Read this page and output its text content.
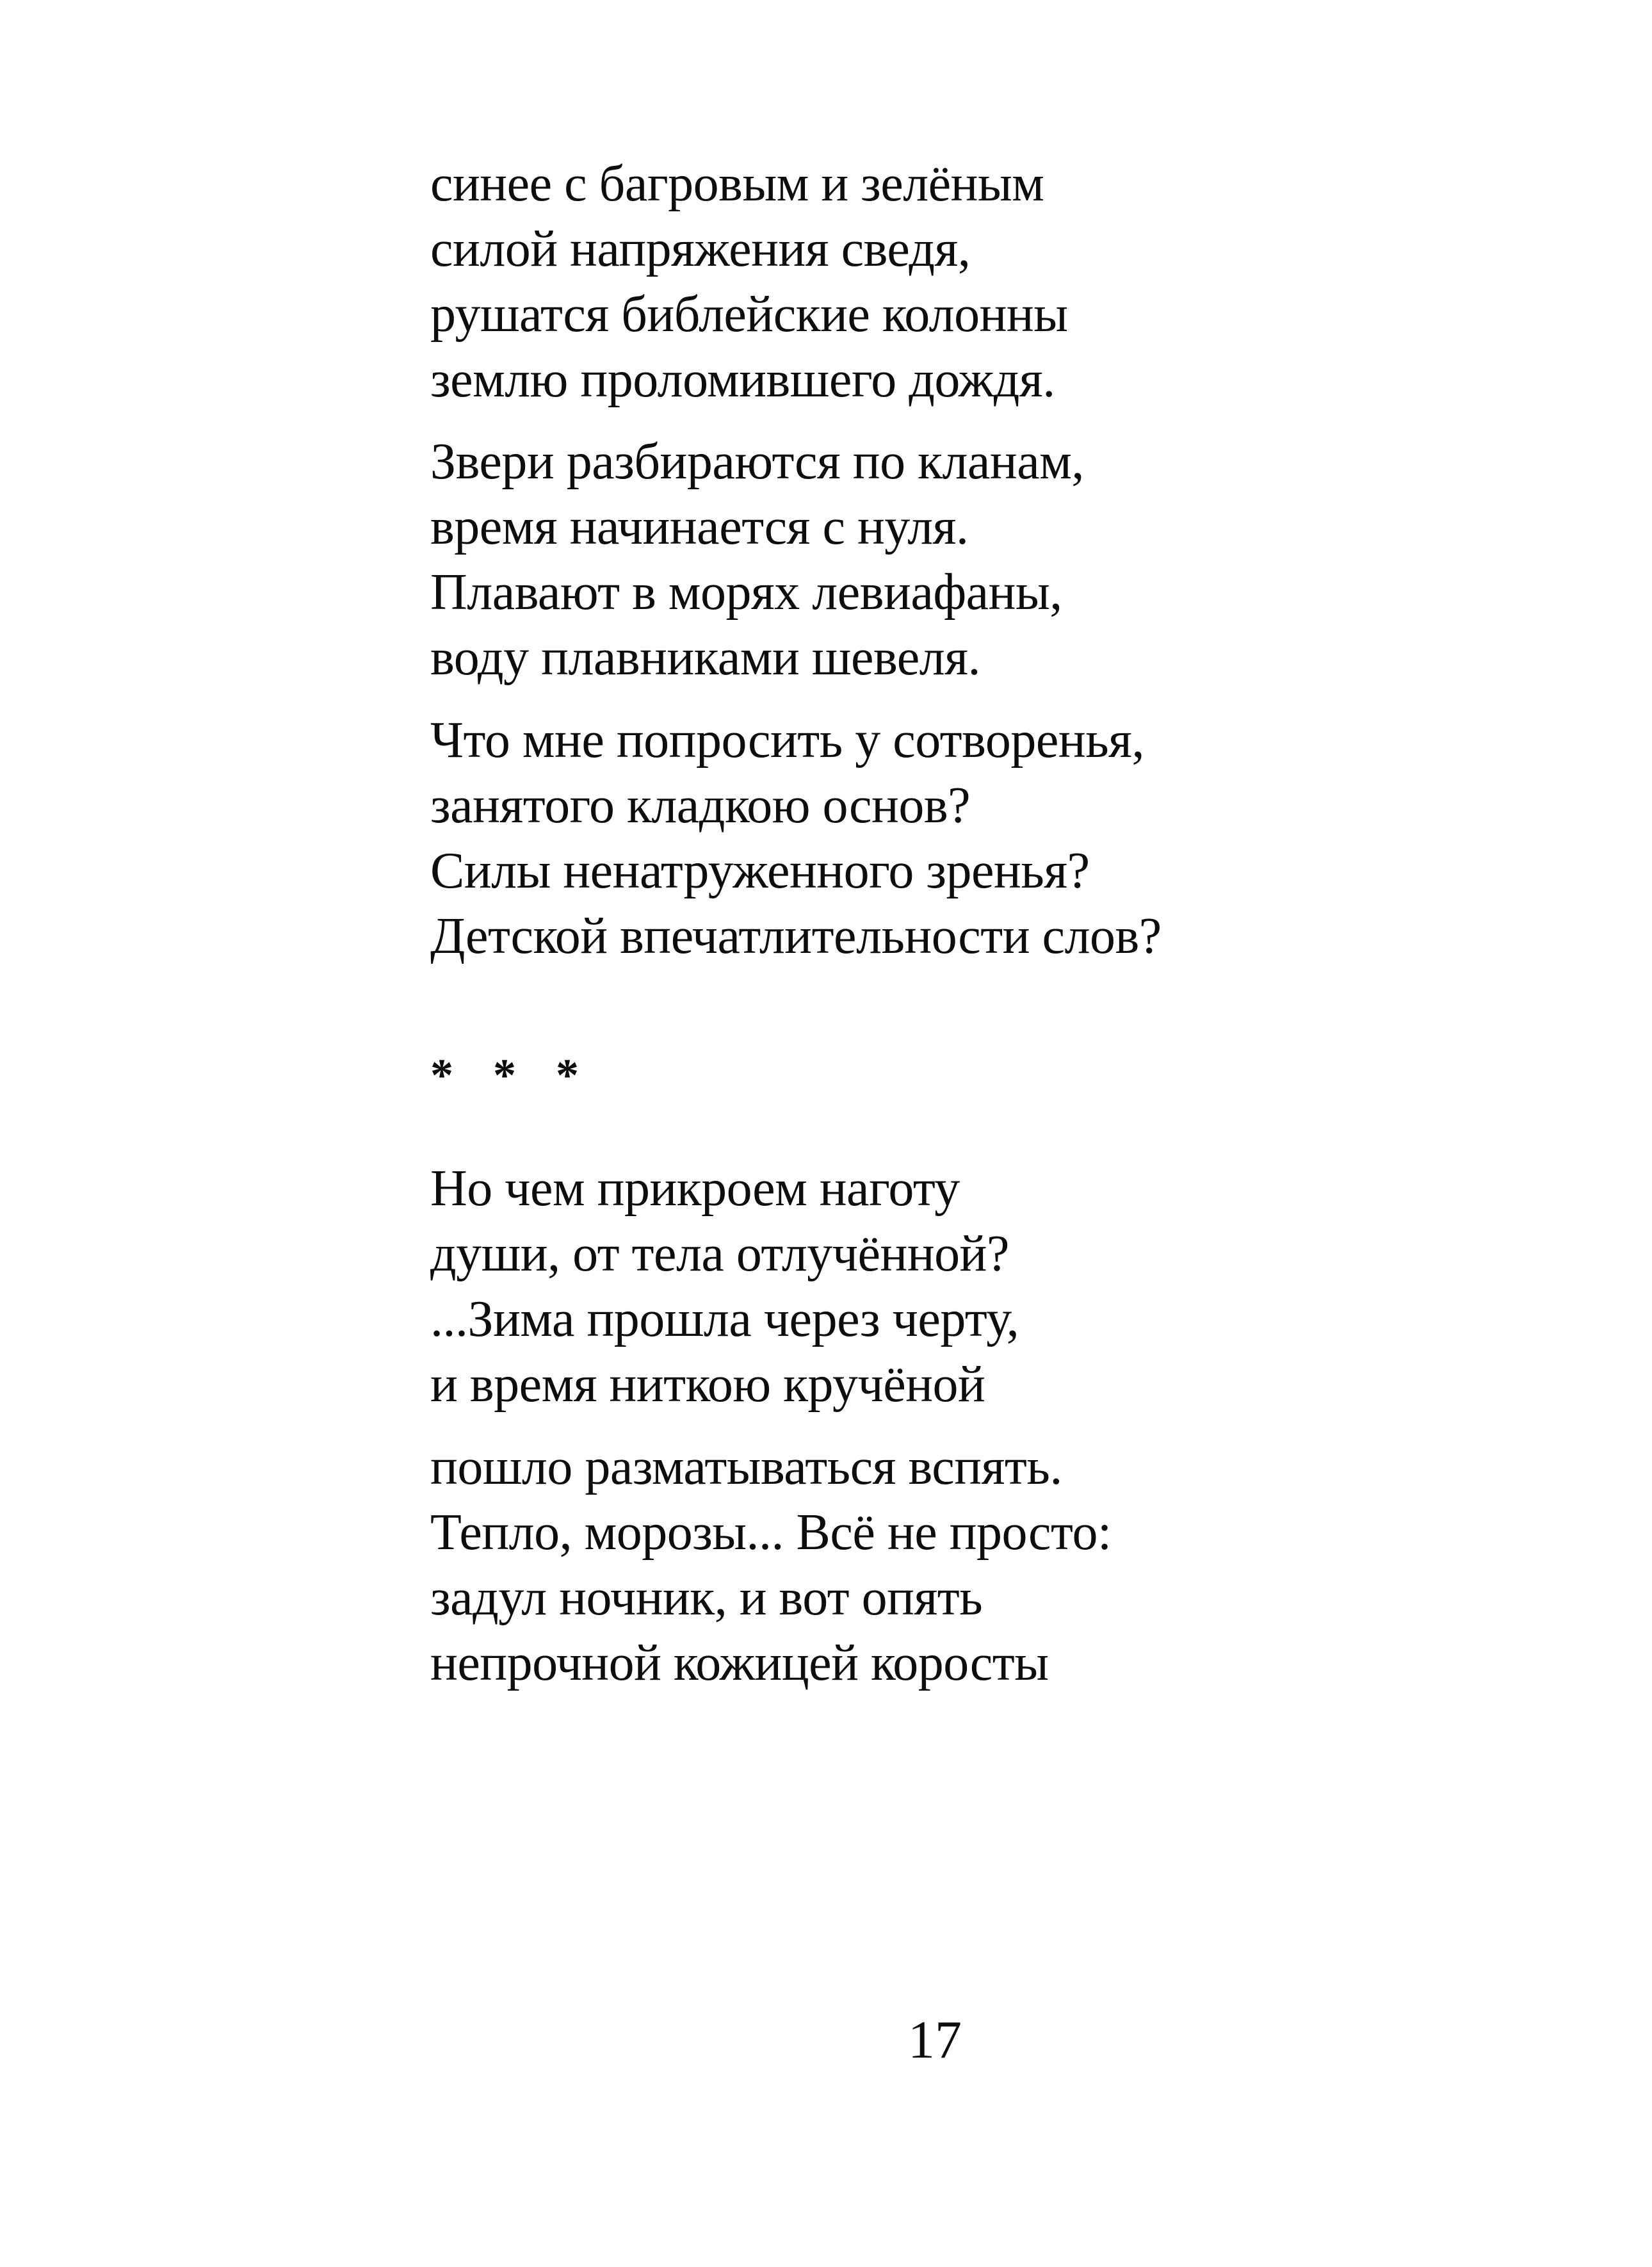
синее с багровым и зелёным
силой напряжения сведя,
рушатся библейские колонны
землю проломившего дождя.
Звери разбираются по кланам,
время начинается с нуля.
Плавают в морях левиафаны,
воду плавниками шевеля.
Что мне попросить у сотворенья,
занятого кладкою основ?
Силы ненатруженного зренья?
Детской впечатлительности слов?
* * *
Но чем прикроем наготу
души, от тела отлучённой?
...Зима прошла через черту,
и время ниткою кручёной
пошло разматываться вспять.
Тепло, морозы... Всё не просто:
задул ночник, и вот опять
непрочной кожицей коросты
17
